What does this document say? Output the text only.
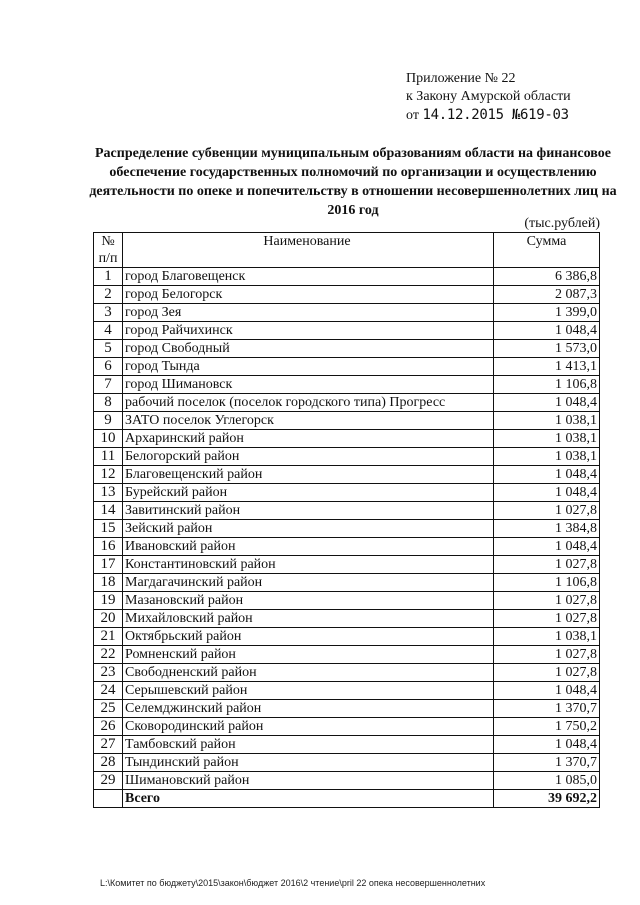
Приложение № 22
к Закону Амурской области
от 14.12.2015 №619-03
Распределение субвенции муниципальным образованиям области на финансовое обеспечение государственных полномочий по организации и осуществлению деятельности по опеке и попечительству в отношении несовершеннолетних лиц на 2016 год
(тыс.рублей)
№
п/п	Наименование	Сумма
1	город Благовещенск	6 386,8
2	город Белогорск	2 087,3
3	город Зея	1 399,0
4	город Райчихинск	1 048,4
5	город Свободный	1 573,0
6	город Тында	1 413,1
7	город Шимановск	1 106,8
8	рабочий поселок (поселок городского типа) Прогресс	1 048,4
9	ЗАТО поселок Углегорск	1 038,1
10	Архаринский район	1 038,1
11	Белогорский район	1 038,1
12	Благовещенский район	1 048,4
13	Бурейский район	1 048,4
14	Завитинский район	1 027,8
15	Зейский район	1 384,8
16	Ивановский район	1 048,4
17	Константиновский район	1 027,8
18	Магдагачинский район	1 106,8
19	Мазановский район	1 027,8
20	Михайловский район	1 027,8
21	Октябрьский район	1 038,1
22	Ромненский район	1 027,8
23	Свободненский район	1 027,8
24	Серышевский район	1 048,4
25	Селемджинский район	1 370,7
26	Сковородинский район	1 750,2
27	Тамбовский район	1 048,4
28	Тындинский район	1 370,7
29	Шимановский район	1 085,0
	Всего	39 692,2
L:\Комитет по бюджету\2015\закон\бюджет 2016\2 чтение\pril 22 опека несовершеннолетних
